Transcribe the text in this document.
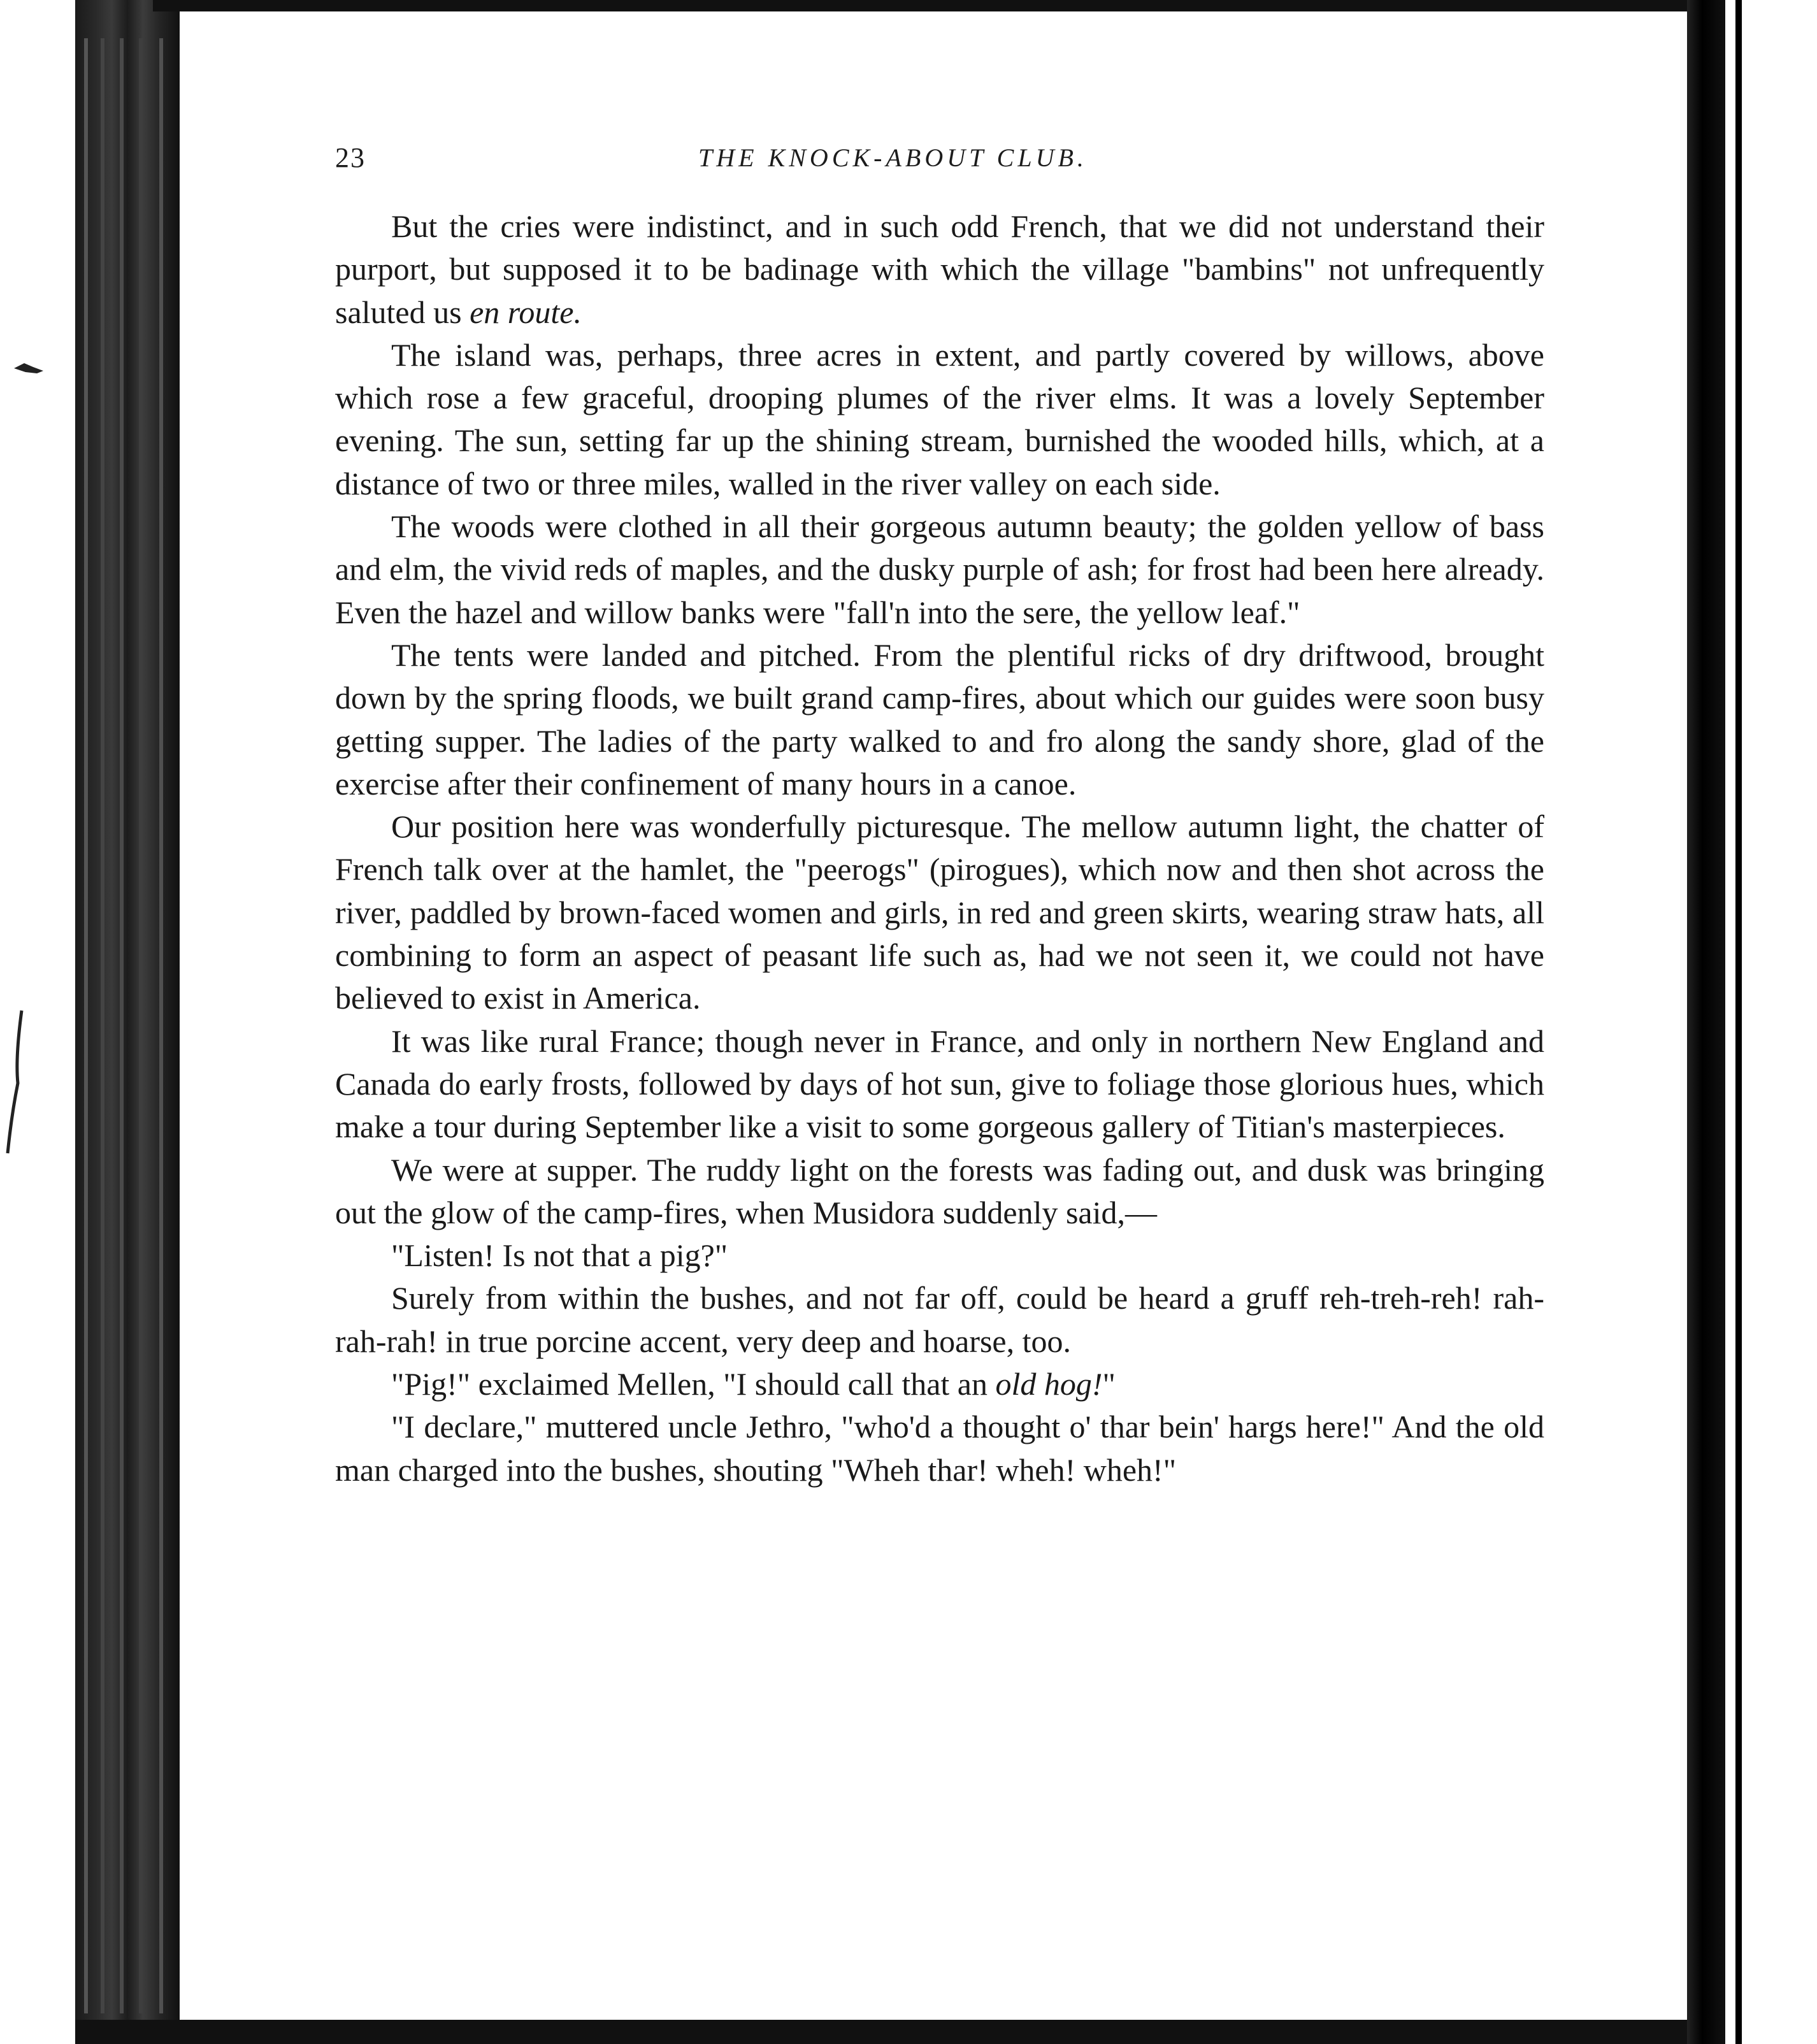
23	THE KNOCK-ABOUT CLUB.

But the cries were indistinct, and in such odd French, that we did not understand their purport, but supposed it to be badinage with which the village "bambins" not unfrequently saluted us en route.

The island was, perhaps, three acres in extent, and partly covered by willows, above which rose a few graceful, drooping plumes of the river elms. It was a lovely September evening. The sun, setting far up the shining stream, burnished the wooded hills, which, at a distance of two or three miles, walled in the river valley on each side.

The woods were clothed in all their gorgeous autumn beauty; the golden yellow of bass and elm, the vivid reds of maples, and the dusky purple of ash; for frost had been here already. Even the hazel and willow banks were "fall'n into the sere, the yellow leaf."

The tents were landed and pitched. From the plentiful ricks of dry driftwood, brought down by the spring floods, we built grand camp-fires, about which our guides were soon busy getting supper. The ladies of the party walked to and fro along the sandy shore, glad of the exercise after their confinement of many hours in a canoe.

Our position here was wonderfully picturesque. The mellow autumn light, the chatter of French talk over at the hamlet, the "peerogs" (pirogues), which now and then shot across the river, paddled by brown-faced women and girls, in red and green skirts, wearing straw hats, all combining to form an aspect of peasant life such as, had we not seen it, we could not have believed to exist in America.

It was like rural France; though never in France, and only in northern New England and Canada do early frosts, followed by days of hot sun, give to foliage those glorious hues, which make a tour during September like a visit to some gorgeous gallery of Titian's masterpieces.

We were at supper. The ruddy light on the forests was fading out, and dusk was bringing out the glow of the camp-fires, when Musidora suddenly said,—

"Listen! Is not that a pig?"

Surely from within the bushes, and not far off, could be heard a gruff reh-treh-reh! rah-rah-rah! in true porcine accent, very deep and hoarse, too.

"Pig!" exclaimed Mellen, "I should call that an old hog!"

"I declare," muttered uncle Jethro, "who'd a thought o' thar bein' hargs here!" And the old man charged into the bushes, shouting "Wheh thar! wheh! wheh!"
